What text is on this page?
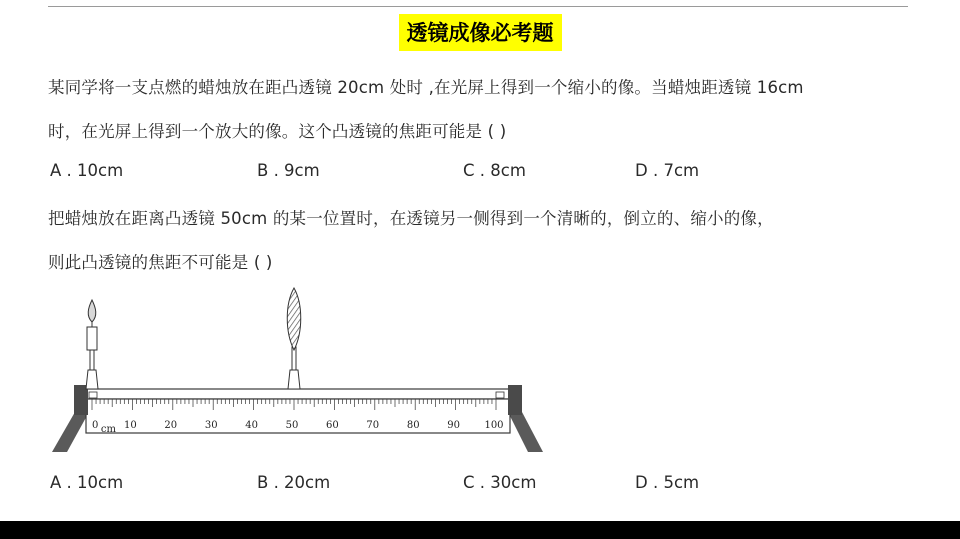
透镜成像必考题
某同学将一支点燃的蜡烛放在距凸透镜 20cm 处时 ,在光屏上得到一个缩小的像。当蜡烛距透镜 16cm
时，在光屏上得到一个放大的像。这个凸透镜的焦距可能是 ( )
A . 10cm	B . 9cm	C . 8cm	D . 7cm
把蜡烛放在距离凸透镜 50cm 的某一位置时，在透镜另一侧得到一个清晰的，倒立的、缩小的像，
则此凸透镜的焦距不可能是 ( )
0	10	20	30	40	50	60	70	80	90 100
cm
A . 10cm	B . 20cm	C . 30cm	D . 5cm
